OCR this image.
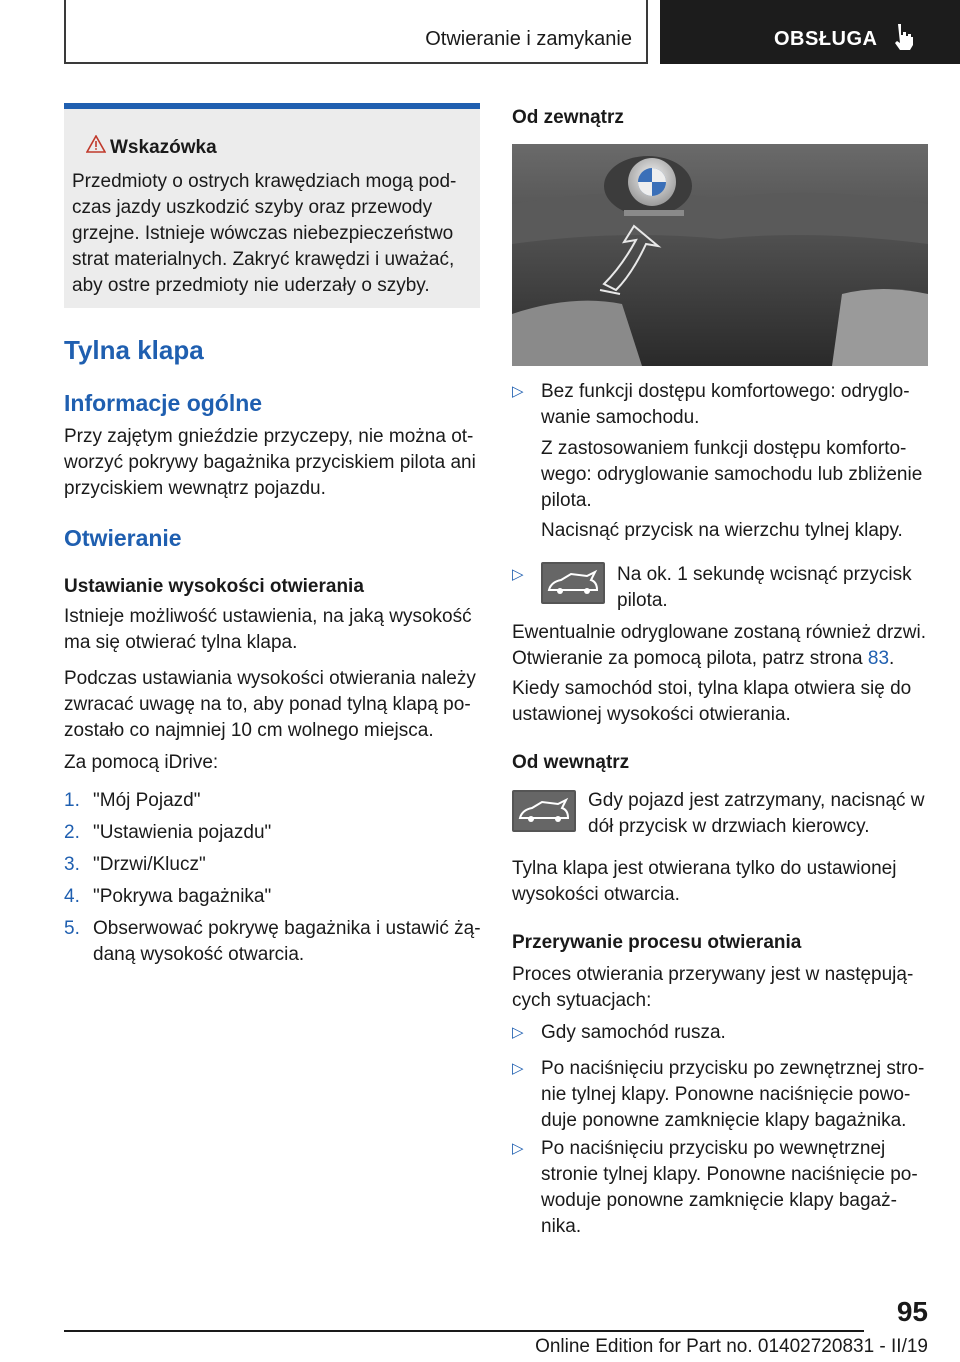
Otwieranie i zamykanie	OBSŁUGA
Wskazówka

Przedmioty o ostrych krawędziach mogą pod-czas jazdy uszkodzić szyby oraz przewody grzejne. Istnieje wówczas niebezpieczeństwo strat materialnych. Zakryć krawędzi i uważać, aby ostre przedmioty nie uderzały o szyby.

Tylna klapa
Informacje ogólne

Przy zajętym gnieździe przyczepy, nie można ot-worzyć pokrywy bagażnika przyciskiem pilota ani przyciskiem wewnątrz pojazdu.

Otwieranie
Ustawianie wysokości otwierania

Istnieje możliwość ustawienia, na jaką wysokość ma się otwierać tylna klapa.

Podczas ustawiania wysokości otwierania należy zwracać uwagę na to, aby ponad tylną klapą po-zostało co najmniej 10 cm wolnego miejsca.

Za pomocą iDrive:

1. "Mój Pojazd"
2. "Ustawienia pojazdu"
3. "Drzwi/Klucz"
4. "Pokrywa bagażnika"
5. Obserwować pokrywę bagażnika i ustawić żą-daną wysokość otwarcia.
Od zewnątrz
▷ Bez funkcji dostępu komfortowego: odryglo-wanie samochodu.

Z zastosowaniem funkcji dostępu komforto-wego: odryglowanie samochodu lub zbliżenie pilota.

Nacisnąć przycisk na wierzchu tylnej klapy.

▷	Na ok. 1 sekundę wcisnąć przycisk pilota.

Ewentualnie odryglowane zostaną również drzwi. Otwieranie za pomocą pilota, patrz strona 83.

Kiedy samochód stoi, tylna klapa otwiera się do ustawionej wysokości otwierania.

Od wewnątrz

Gdy pojazd jest zatrzymany, nacisnąć w dół przycisk w drzwiach kierowcy.

Tylna klapa jest otwierana tylko do ustawionej wysokości otwarcia.

Przerywanie procesu otwierania

Proces otwierania przerywany jest w następują-cych sytuacjach:

▷ Gdy samochód rusza.
▷ Po naciśnięciu przycisku po zewnętrznej stro-nie tylnej klapy. Ponowne naciśnięcie powo-duje ponowne zamknięcie klapy bagażnika.
▷ Po naciśnięciu przycisku po wewnętrznej stronie tylnej klapy. Ponowne naciśnięcie po-woduje ponowne zamknięcie klapy bagaż-nika.
95
Online Edition for Part no. 01402720831 - II/19
